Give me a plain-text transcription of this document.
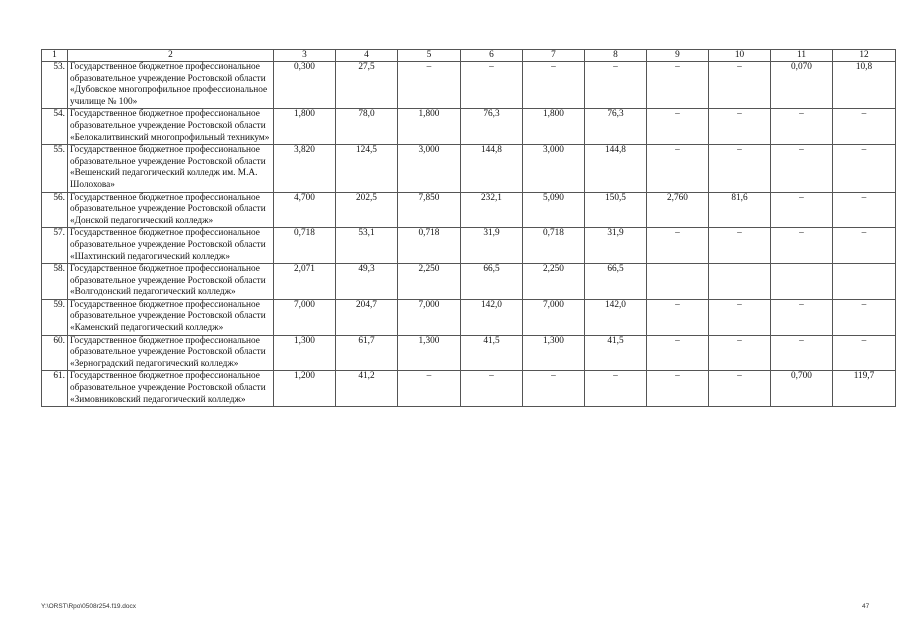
1	2	3	4	5	6	7	8	9	10	11	12
53.	Государственное бюджетное профессиональное образовательное учреждение Ростовской области «Дубовское многопрофильное профессиональное училище № 100»	0,300	27,5	–	–	–	–	–	–	0,070	10,8
54.	Государственное бюджетное профессиональное образовательное учреждение Ростовской области «Белокалитвинский многопрофильный техникум»	1,800	78,0	1,800	76,3	1,800	76,3	–	–	–	–
55.	Государственное бюджетное профессиональное образовательное учреждение Ростовской области «Вешенский педагогический колледж им. М.А. Шолохова»	3,820	124,5	3,000	144,8	3,000	144,8	–	–	–	–
56.	Государственное бюджетное профессиональное образовательное учреждение Ростовской области «Донской педагогический колледж»	4,700	202,5	7,850	232,1	5,090	150,5	2,760	81,6	–	–
57.	Государственное бюджетное профессиональное образовательное учреждение Ростовской области «Шахтинский педагогический колледж»	0,718	53,1	0,718	31,9	0,718	31,9	–	–	–	–
58.	Государственное бюджетное профессиональное образовательное учреждение Ростовской области «Волгодонский педагогический колледж»	2,071	49,3	2,250	66,5	2,250	66,5				
59.	Государственное бюджетное профессиональное образовательное учреждение Ростовской области «Каменский педагогический колледж»	7,000	204,7	7,000	142,0	7,000	142,0	–	–	–	–
60.	Государственное бюджетное профессиональное образовательное учреждение Ростовской области «Зерноградский педагогический колледж»	1,300	61,7	1,300	41,5	1,300	41,5	–	–	–	–
61.	Государственное бюджетное профессиональное образовательное учреждение Ростовской области «Зимовниковский педагогический колледж»	1,200	41,2	–	–	–	–	–	–	0,700	119,7
Y:\ORST\Rpo\0508r254.f19.docx	47
